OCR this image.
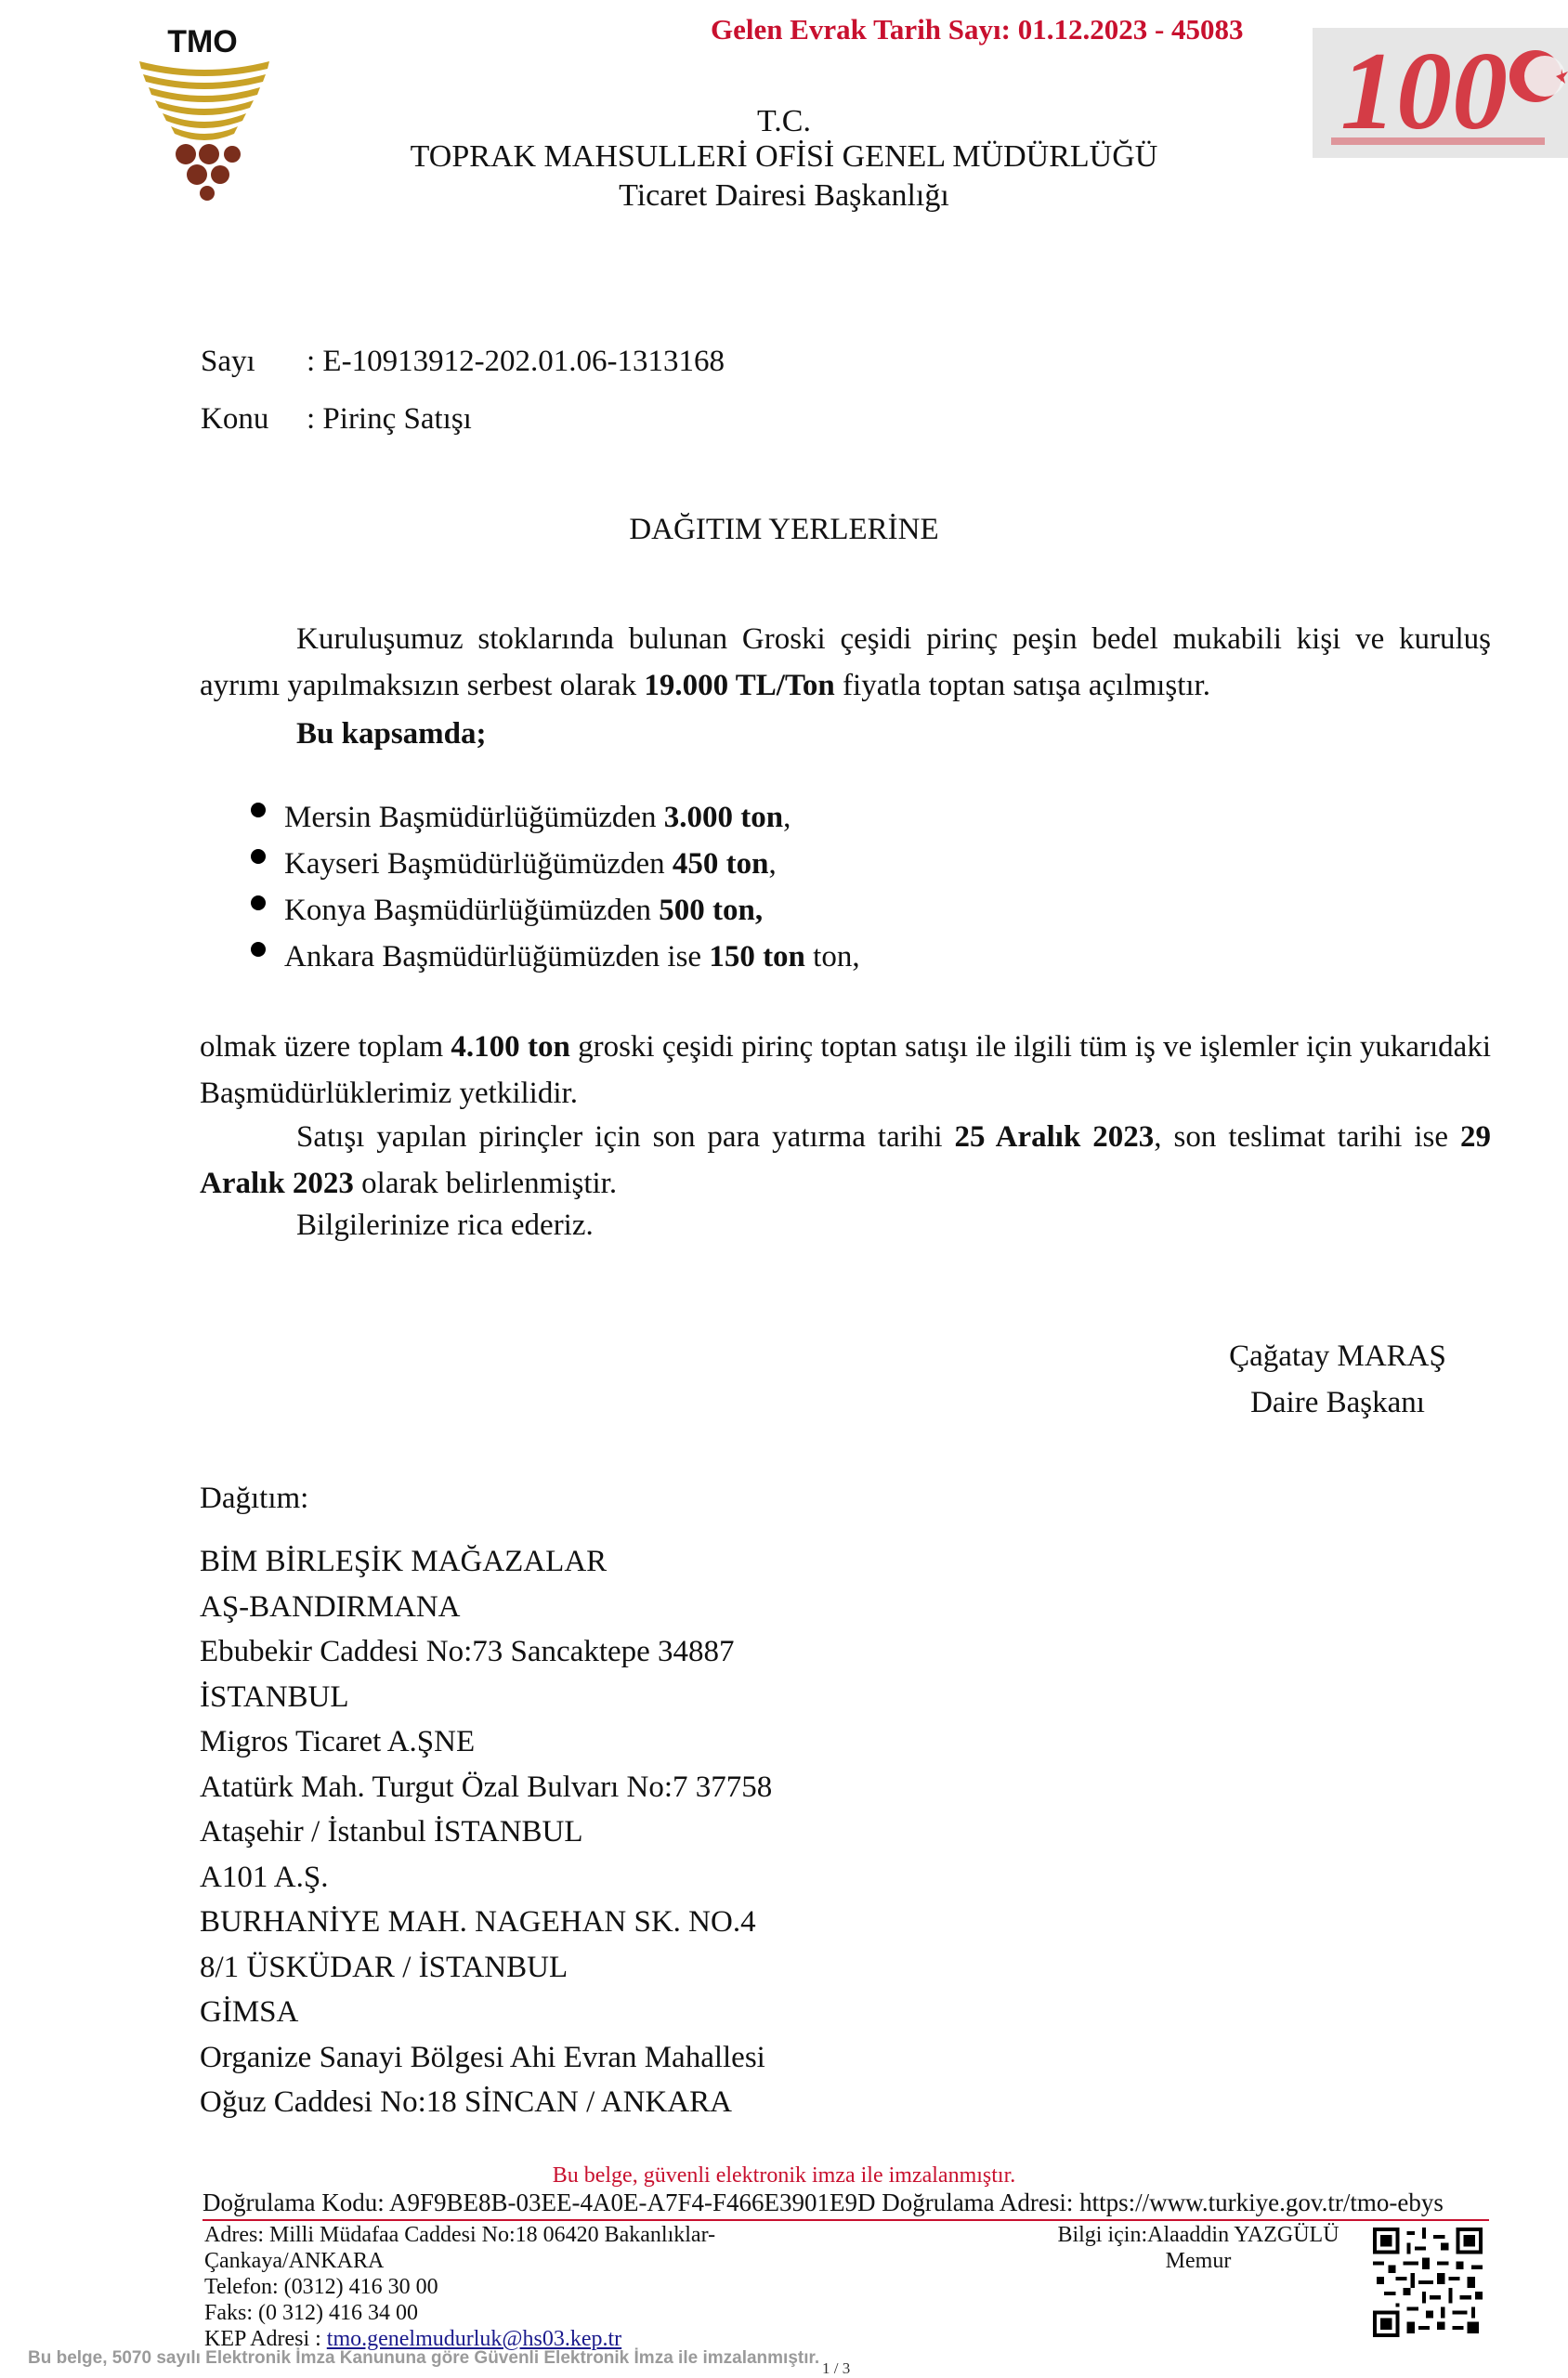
Gelen Evrak Tarih Sayı: 01.12.2023 - 45083
TMO	100
T.C.
TOPRAK MAHSULLERİ OFİSİ GENEL MÜDÜRLÜĞÜ
Ticaret Dairesi Başkanlığı
Sayı : E-10913912-202.01.06-1313168
Konu : Pirinç Satışı
DAĞITIM YERLERİNE
Kuruluşumuz stoklarında bulunan Groski çeşidi pirinç peşin bedel mukabili kişi ve kuruluş ayrımı yapılmaksızın serbest olarak 19.000 TL/Ton fiyatla toptan satışa açılmıştır.
Bu kapsamda;
Mersin Başmüdürlüğümüzden 3.000 ton,
Kayseri Başmüdürlüğümüzden 450 ton,
Konya Başmüdürlüğümüzden 500 ton,
Ankara Başmüdürlüğümüzden ise 150 ton ton,
olmak üzere toplam 4.100 ton groski çeşidi pirinç toptan satışı ile ilgili tüm iş ve işlemler için yukarıdaki Başmüdürlüklerimiz yetkilidir.
Satışı yapılan pirinçler için son para yatırma tarihi 25 Aralık 2023, son teslimat tarihi ise 29 Aralık 2023 olarak belirlenmiştir.
Bilgilerinize rica ederiz.
Çağatay MARAŞ
Daire Başkanı
Dağıtım:
BİM BİRLEŞİK MAĞAZALAR
AŞ-BANDIRMANA
Ebubekir Caddesi No:73 Sancaktepe 34887
İSTANBUL
Migros Ticaret A.ŞNE
Atatürk Mah. Turgut Özal Bulvarı No:7 37758
Ataşehir / İstanbul İSTANBUL
A101 A.Ş.
BURHANİYE MAH. NAGEHAN SK. NO.4
8/1 ÜSKÜDAR / İSTANBUL
GİMSA
Organize Sanayi Bölgesi Ahi Evran Mahallesi
Oğuz Caddesi No:18 SİNCAN / ANKARA
Bu belge, güvenli elektronik imza ile imzalanmıştır.
Doğrulama Kodu: A9F9BE8B-03EE-4A0E-A7F4-F466E3901E9D Doğrulama Adresi: https://www.turkiye.gov.tr/tmo-ebys
Adres: Milli Müdafaa Caddesi No:18 06420 Bakanlıklar-
Çankaya/ANKARA
Telefon: (0312) 416 30 00
Faks: (0 312) 416 34 00
KEP Adresi : tmo.genelmudurluk@hs03.kep.tr
Bilgi için:Alaaddin YAZGÜLÜ
Memur
Bu belge, 5070 sayılı Elektronik İmza Kanununa göre Güvenli Elektronik İmza ile imzalanmıştır.
1 / 3
